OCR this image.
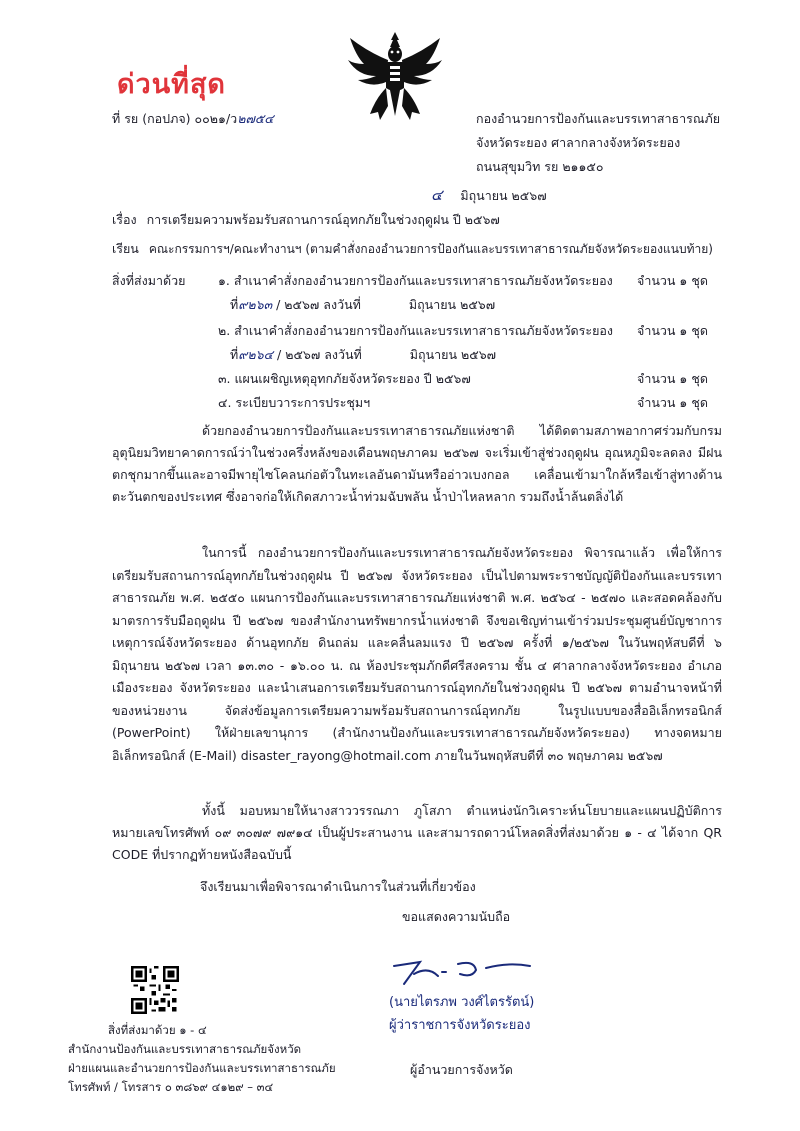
ด่วนที่สุด
ที่ รย (กอปภจ) ๐๐๒๑/ว๒๗๕๔	กองอำนวยการป้องกันและบรรเทาสาธารณภัย
จังหวัดระยอง ศาลากลางจังหวัดระยอง
ถนนสุขุมวิท รย ๒๑๑๕๐
๔ มิถุนายน ๒๕๖๗
เรื่อง การเตรียมความพร้อมรับสถานการณ์อุทกภัยในช่วงฤดูฝน ปี ๒๕๖๗
เรียน คณะกรรมการฯ/คณะทำงานฯ (ตามคำสั่งกองอำนวยการป้องกันและบรรเทาสาธารณภัยจังหวัดระยองแนบท้าย)
สิ่งที่ส่งมาด้วย	๑. สำเนาคำสั่งกองอำนวยการป้องกันและบรรเทาสาธารณภัยจังหวัดระยอง จำนวน ๑ ชุด
ที่๙๒๖๓ / ๒๕๖๗ ลงวันที่	มิถุนายน ๒๕๖๗
๒. สำเนาคำสั่งกองอำนวยการป้องกันและบรรเทาสาธารณภัยจังหวัดระยอง จำนวน ๑ ชุด
ที่๙๒๖๔ / ๒๕๖๗ ลงวันที่	มิถุนายน ๒๕๖๗
๓. แผนเผชิญเหตุอุทกภัยจังหวัดระยอง ปี ๒๕๖๗	จำนวน ๑ ชุด
๔. ระเบียบวาระการประชุมฯ	จำนวน ๑ ชุด
ด้วยกองอำนวยการป้องกันและบรรเทาสาธารณภัยแห่งชาติ ได้ติดตามสภาพอากาศร่วมกับกรมอุตุนิยมวิทยาคาดการณ์ว่าในช่วงครึ่งหลังของเดือนพฤษภาคม ๒๕๖๗ จะเริ่มเข้าสู่ช่วงฤดูฝน อุณหภูมิจะลดลง มีฝนตกชุกมากขึ้นและอาจมีพายุไซโคลนก่อตัวในทะเลอันดามันหรืออ่าวเบงกอล เคลื่อนเข้ามาใกล้หรือเข้าสู่ทางด้านตะวันตกของประเทศ ซึ่งอาจก่อให้เกิดสภาวะน้ำท่วมฉับพลัน น้ำป่าไหลหลาก รวมถึงน้ำล้นตลิ่งได้
ในการนี้ กองอำนวยการป้องกันและบรรเทาสาธารณภัยจังหวัดระยอง พิจารณาแล้ว เพื่อให้การเตรียมรับสถานการณ์อุทกภัยในช่วงฤดูฝน ปี ๒๕๖๗ จังหวัดระยอง เป็นไปตามพระราชบัญญัติป้องกันและบรรเทาสาธารณภัย พ.ศ. ๒๕๕๐ แผนการป้องกันและบรรเทาสาธารณภัยแห่งชาติ พ.ศ. ๒๕๖๔ - ๒๕๗๐ และสอดคล้องกับมาตรการรับมือฤดูฝน ปี ๒๕๖๗ ของสำนักงานทรัพยากรน้ำแห่งชาติ จึงขอเชิญท่านเข้าร่วมประชุมศูนย์บัญชาการเหตุการณ์จังหวัดระยอง ด้านอุทกภัย ดินถล่ม และคลื่นลมแรง ปี ๒๕๖๗ ครั้งที่ ๑/๒๕๖๗ ในวันพฤหัสบดีที่ ๖ มิถุนายน ๒๕๖๗ เวลา ๑๓.๓๐ - ๑๖.๐๐ น. ณ ห้องประชุมภักดีศรีสงคราม ชั้น ๔ ศาลากลางจังหวัดระยอง อำเภอเมืองระยอง จังหวัดระยอง และนำเสนอการเตรียมรับสถานการณ์อุทกภัยในช่วงฤดูฝน ปี ๒๕๖๗ ตามอำนาจหน้าที่ของหน่วยงาน จัดส่งข้อมูลการเตรียมความพร้อมรับสถานการณ์อุทกภัย ในรูปแบบของสื่ออิเล็กทรอนิกส์ (PowerPoint) ให้ฝ่ายเลขานุการ (สำนักงานป้องกันและบรรเทาสาธารณภัยจังหวัดระยอง) ทางจดหมายอิเล็กทรอนิกส์ (E-Mail) disaster_rayong@hotmail.com ภายในวันพฤหัสบดีที่ ๓๐ พฤษภาคม ๒๕๖๗
ทั้งนี้ มอบหมายให้นางสาววรรณภา ภูโสภา ตำแหน่งนักวิเคราะห์นโยบายและแผนปฏิบัติการ หมายเลขโทรศัพท์ ๐๙ ๓๐๗๙ ๗๙๑๔ เป็นผู้ประสานงาน และสามารถดาวน์โหลดสิ่งที่ส่งมาด้วย ๑ - ๔ ได้จาก QR CODE ที่ปรากฏท้ายหนังสือฉบับนี้
จึงเรียนมาเพื่อพิจารณาดำเนินการในส่วนที่เกี่ยวข้อง
ขอแสดงความนับถือ
(นายไตรภพ วงศ์ไตรรัตน์)
ผู้ว่าราชการจังหวัดระยอง
ผู้อำนวยการจังหวัด
สิ่งที่ส่งมาด้วย ๑ - ๔
สำนักงานป้องกันและบรรเทาสาธารณภัยจังหวัด
ฝ่ายแผนและอำนวยการป้องกันและบรรเทาสาธารณภัย
โทรศัพท์ / โทรสาร ๐ ๓๘๖๙ ๔๑๒๙ – ๓๔
